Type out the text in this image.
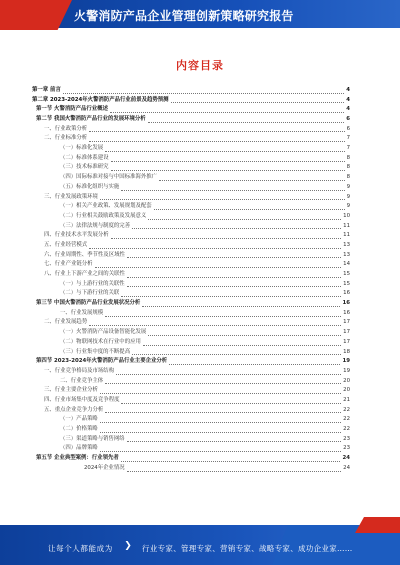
火警消防产品企业管理创新策略研究报告
内容目录
第一章 前言	4
第二章 2023-2024年火警消防产品行业前景及趋势预测	4
第一节 火警消防产品行业概述	4
第二节 我国火警消防产品行业的发展环境分析	6
一、行业政策分析	6
二、行业标准分析	7
（一）标准化发展	7
（二）标准体系建设	8
（三）技术标准研究	8
（四）国际标准对接与中国标准海外推广	8
（五）标准化组织与实施	9
三、行业发展政策环境	9
（一）相关产业政策、发展规划及配套	9
（二）行业相关鼓励政策及发展意义	10
（三）法律法规与制度的完善	11
四、行业技术水平发展分析	11
五、行业经营模式	13
六、行业周期性、季节性及区域性	13
七、行业产业链分析	14
八、行业上下游产业之间的关联性	15
（一）与上游行业的关联性	15
（二）与下游行业的关联	16
第三节 中国火警消防产品行业发展状况分析	16
一、行业发展规模	16
二、行业发展趋势	17
（一）火警消防产品设备智能化发展	17
（二）物联网技术在行业中的应用	17
（三）行业集中度的不断提高	18
第四节 2023-2024年火警消防产品行业主要企业分析	19
一、行业竞争格局及市场结构	19
二、行业竞争主体	20
三、行业主要企业分析	20
四、行业市场集中度及竞争程度	21
五、重点企业竞争力分析	22
（一）产品策略	22
（二）价格策略	22
（三）渠道策略与销售网络	23
（四）品牌策略	23
第五节 企业典型案例：行业领先者	24
2024年企业情况	24
让每个人都能成为	❯	行业专家、管理专家、营销专家、战略专家、成功企业家……
